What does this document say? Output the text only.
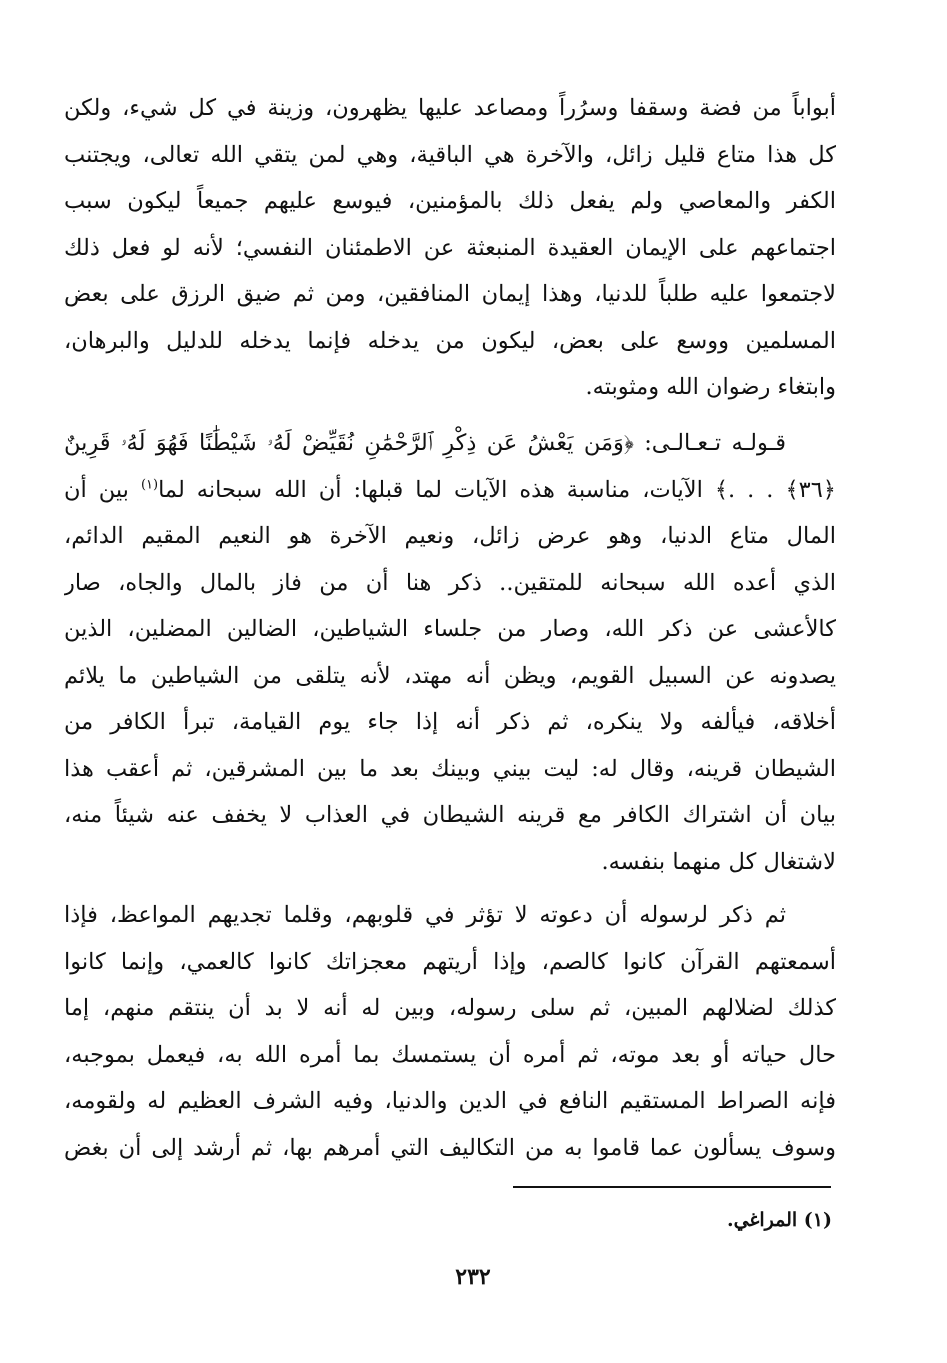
أبواباً من فضة وسقفا وسرُراً ومصاعد عليها يظهرون، وزينة في كل شيء، ولكن
كل هذا متاع قليل زائل، والآخرة هي الباقية، وهي لمن يتقي الله تعالى، ويجتنب
الكفر والمعاصي ولم يفعل ذلك بالمؤمنين، فيوسع عليهم جميعاً ليكون سبب
اجتماعهم على الإيمان العقيدة المنبعثة عن الاطمئنان النفسي؛ لأنه لو فعل ذلك
لاجتمعوا عليه طلباً للدنيا، وهذا إيمان المنافقين، ومن ثم ضيق الرزق على بعض
المسلمين ووسع على بعض، ليكون من يدخله فإنما يدخله للدليل والبرهان،
وابتغاء رضوان الله ومثوبته.
قـولـه تـعـالـى: ﴿وَمَن يَعْشُ عَن ذِكْرِ ٱلرَّحْمَٰنِ نُقَيِّضْ لَهُۥ شَيْطَٰنًا فَهُوَ لَهُۥ قَرِينٌ
﴿٣٦﴾ . . .﴾ الآيات، مناسبة هذه الآيات لما قبلها: أن الله سبحانه لما$^{(١)}$ بين أن
المال متاع الدنيا، وهو عرض زائل، ونعيم الآخرة هو النعيم المقيم الدائم،
الذي أعده الله سبحانه للمتقين.. ذكر هنا أن من فاز بالمال والجاه، صار
كالأعشى عن ذكر الله، وصار من جلساء الشياطين، الضالين المضلين، الذين
يصدونه عن السبيل القويم، ويظن أنه مهتد، لأنه يتلقى من الشياطين ما يلائم
أخلاقه، فيألفه ولا ينكره، ثم ذكر أنه إذا جاء يوم القيامة، تبرأ الكافر من
الشيطان قرينه، وقال له: ليت بيني وبينك بعد ما بين المشرقين، ثم أعقب هذا
بيان أن اشتراك الكافر مع قرينه الشيطان في العذاب لا يخفف عنه شيئاً منه،
لاشتغال كل منهما بنفسه.
ثم ذكر لرسوله أن دعوته لا تؤثر في قلوبهم، وقلما تجديهم المواعظ، فإذا
أسمعتهم القرآن كانوا كالصم، وإذا أريتهم معجزاتك كانوا كالعمي، وإنما كانوا
كذلك لضلالهم المبين، ثم سلى رسوله، وبين له أنه لا بد أن ينتقم منهم، إما
حال حياته أو بعد موته، ثم أمره أن يستمسك بما أمره الله به، فيعمل بموجبه،
فإنه الصراط المستقيم النافع في الدين والدنيا، وفيه الشرف العظيم له ولقومه،
وسوف يسألون عما قاموا به من التكاليف التي أمرهم بها، ثم أرشد إلى أن بغض
(١) المراغي.
٢٣٢
